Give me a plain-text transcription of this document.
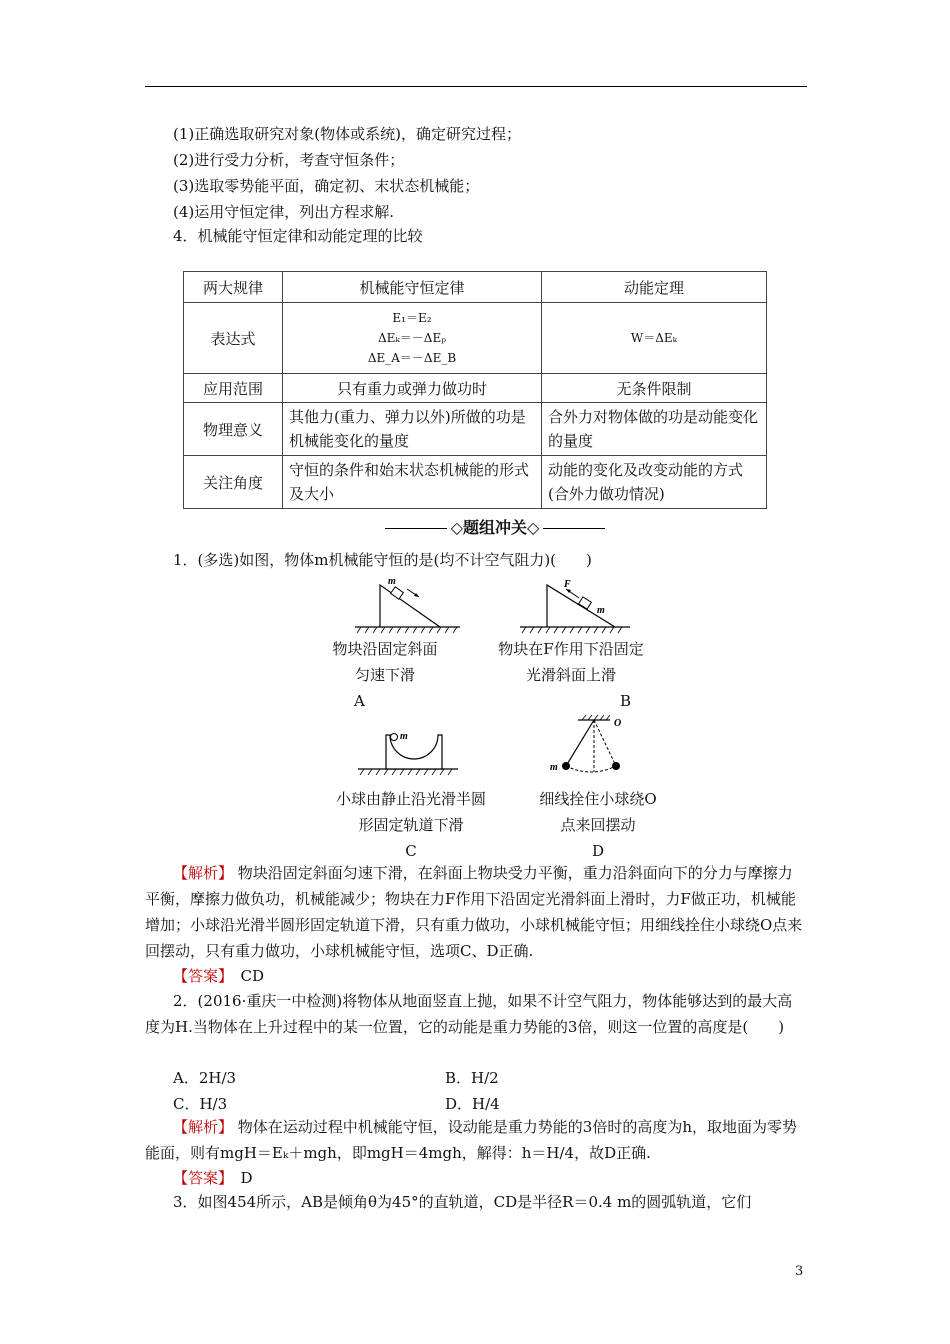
(1)正确选取研究对象(物体或系统)，确定研究过程；
(2)进行受力分析，考查守恒条件；
(3)选取零势能平面，确定初、末状态机械能；
(4)运用守恒定律，列出方程求解.
4．机械能守恒定律和动能定理的比较
两大规律	机械能守恒定律	动能定理
表达式	E₁＝E₂
ΔEₖ＝－ΔEₚ
ΔE_A＝－ΔE_B	W＝ΔEₖ
应用范围	只有重力或弹力做功时	无条件限制
物理意义	其他力(重力、弹力以外)所做的功是机械能变化的量度	合外力对物体做的功是动能变化的量度
关注角度	守恒的条件和始末状态机械能的形式及大小	动能的变化及改变动能的方式(合外力做功情况)
◇题组冲关◇
1．(多选)如图，物体m机械能守恒的是(均不计空气阻力)(　　)
m	F
m
物块沿固定斜面
匀速下滑
A
物块在F作用下沿固定
光滑斜面上滑
B
m
O
m
小球由静止沿光滑半圆
形固定轨道下滑
C
细线拴住小球绕O
点来回摆动
D
【解析】 物块沿固定斜面匀速下滑，在斜面上物块受力平衡，重力沿斜面向下的分力与摩擦力平衡，摩擦力做负功，机械能减少；物块在力F作用下沿固定光滑斜面上滑时，力F做正功，机械能增加；小球沿光滑半圆形固定轨道下滑，只有重力做功，小球机械能守恒；用细线拴住小球绕O点来回摆动，只有重力做功，小球机械能守恒，选项C、D正确.
【答案】　 CD
2．(2016·重庆一中检测)将物体从地面竖直上抛，如果不计空气阻力，物体能够达到的最大高度为H.当物体在上升过程中的某一位置，它的动能是重力势能的3倍，则这一位置的高度是(　　)
A．2H/3	B．H/2
C．H/3	D．H/4
【解析】 物体在运动过程中机械能守恒，设动能是重力势能的3倍时的高度为h，取地面为零势能面，则有mgH＝Eₖ＋mgh，即mgH＝4mgh，解得：h＝H/4，故D正确.
【答案】　 D
3．如图454所示，AB是倾角θ为45°的直轨道，CD是半径R＝0.4 m的圆弧轨道，它们
3
